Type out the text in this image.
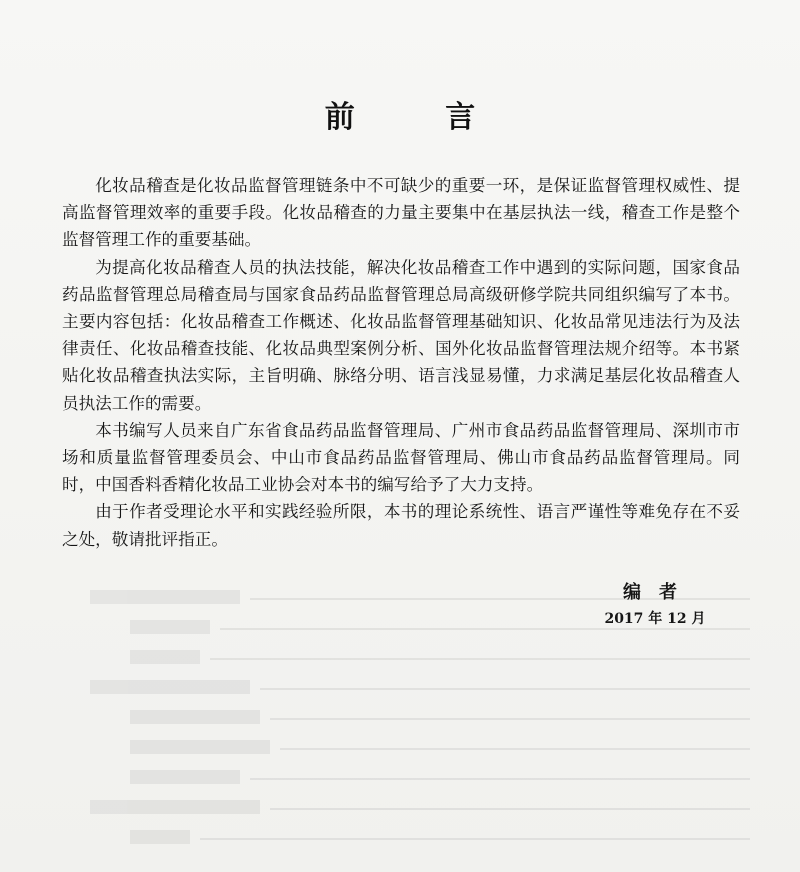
前 言

化妆品稽查是化妆品监督管理链条中不可缺少的重要一环，是保证监督管理权威性、提高监督管理效率的重要手段。化妆品稽查的力量主要集中在基层执法一线，稽查工作是整个监督管理工作的重要基础。

为提高化妆品稽查人员的执法技能，解决化妆品稽查工作中遇到的实际问题，国家食品药品监督管理总局稽查局与国家食品药品监督管理总局高级研修学院共同组织编写了本书。主要内容包括：化妆品稽查工作概述、化妆品监督管理基础知识、化妆品常见违法行为及法律责任、化妆品稽查技能、化妆品典型案例分析、国外化妆品监督管理法规介绍等。本书紧贴化妆品稽查执法实际，主旨明确、脉络分明、语言浅显易懂，力求满足基层化妆品稽查人员执法工作的需要。

本书编写人员来自广东省食品药品监督管理局、广州市食品药品监督管理局、深圳市市场和质量监督管理委员会、中山市食品药品监督管理局、佛山市食品药品监督管理局。同时，中国香料香精化妆品工业协会对本书的编写给予了大力支持。

由于作者受理论水平和实践经验所限，本书的理论系统性、语言严谨性等难免存在不妥之处，敬请批评指正。

编者
2017 年 12 月
